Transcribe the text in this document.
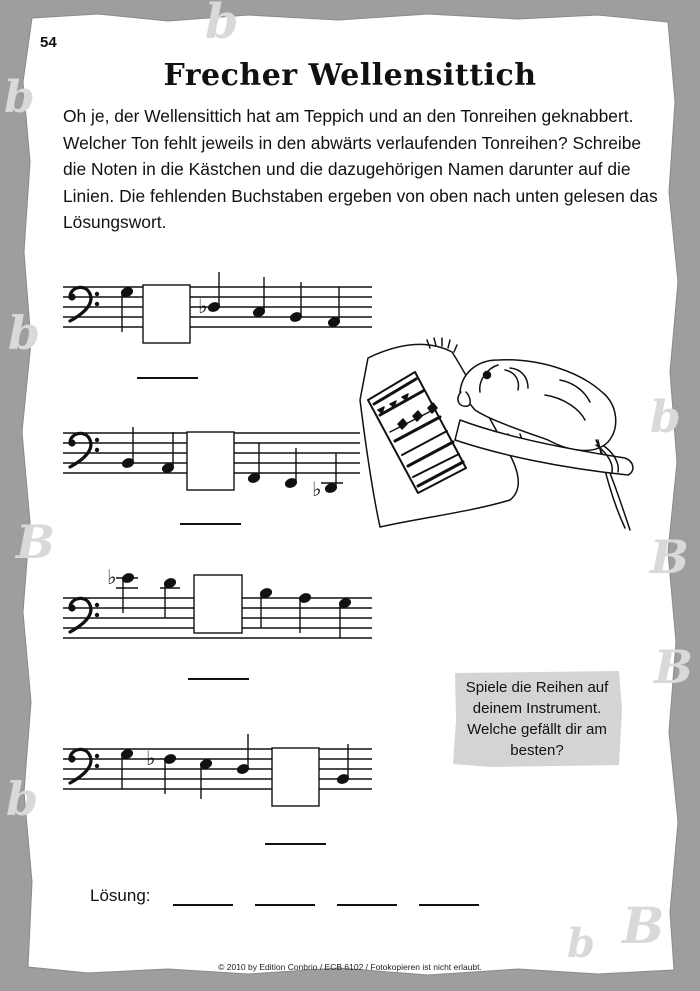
b
b
b
B
b
b
B
B
B
b
54
Frecher Wellensittich
Oh je, der Wellensittich hat am Teppich und an den Tonreihen geknabbert. Welcher Ton fehlt jeweils in den abwärts verlaufenden Tonreihen? Schreibe die Noten in die Kästchen und die dazugehörigen Namen darunter auf die Linien. Die fehlenden Buchstaben ergeben von oben nach unten gelesen das Lösungswort.
♭
♭
♭
♭
Spiele die Reihen auf deinem Instrument. Welche gefällt dir am besten?
Lösung:
© 2010 by Edition Conbrio / ECB 6102 / Fotokopieren ist nicht erlaubt.
